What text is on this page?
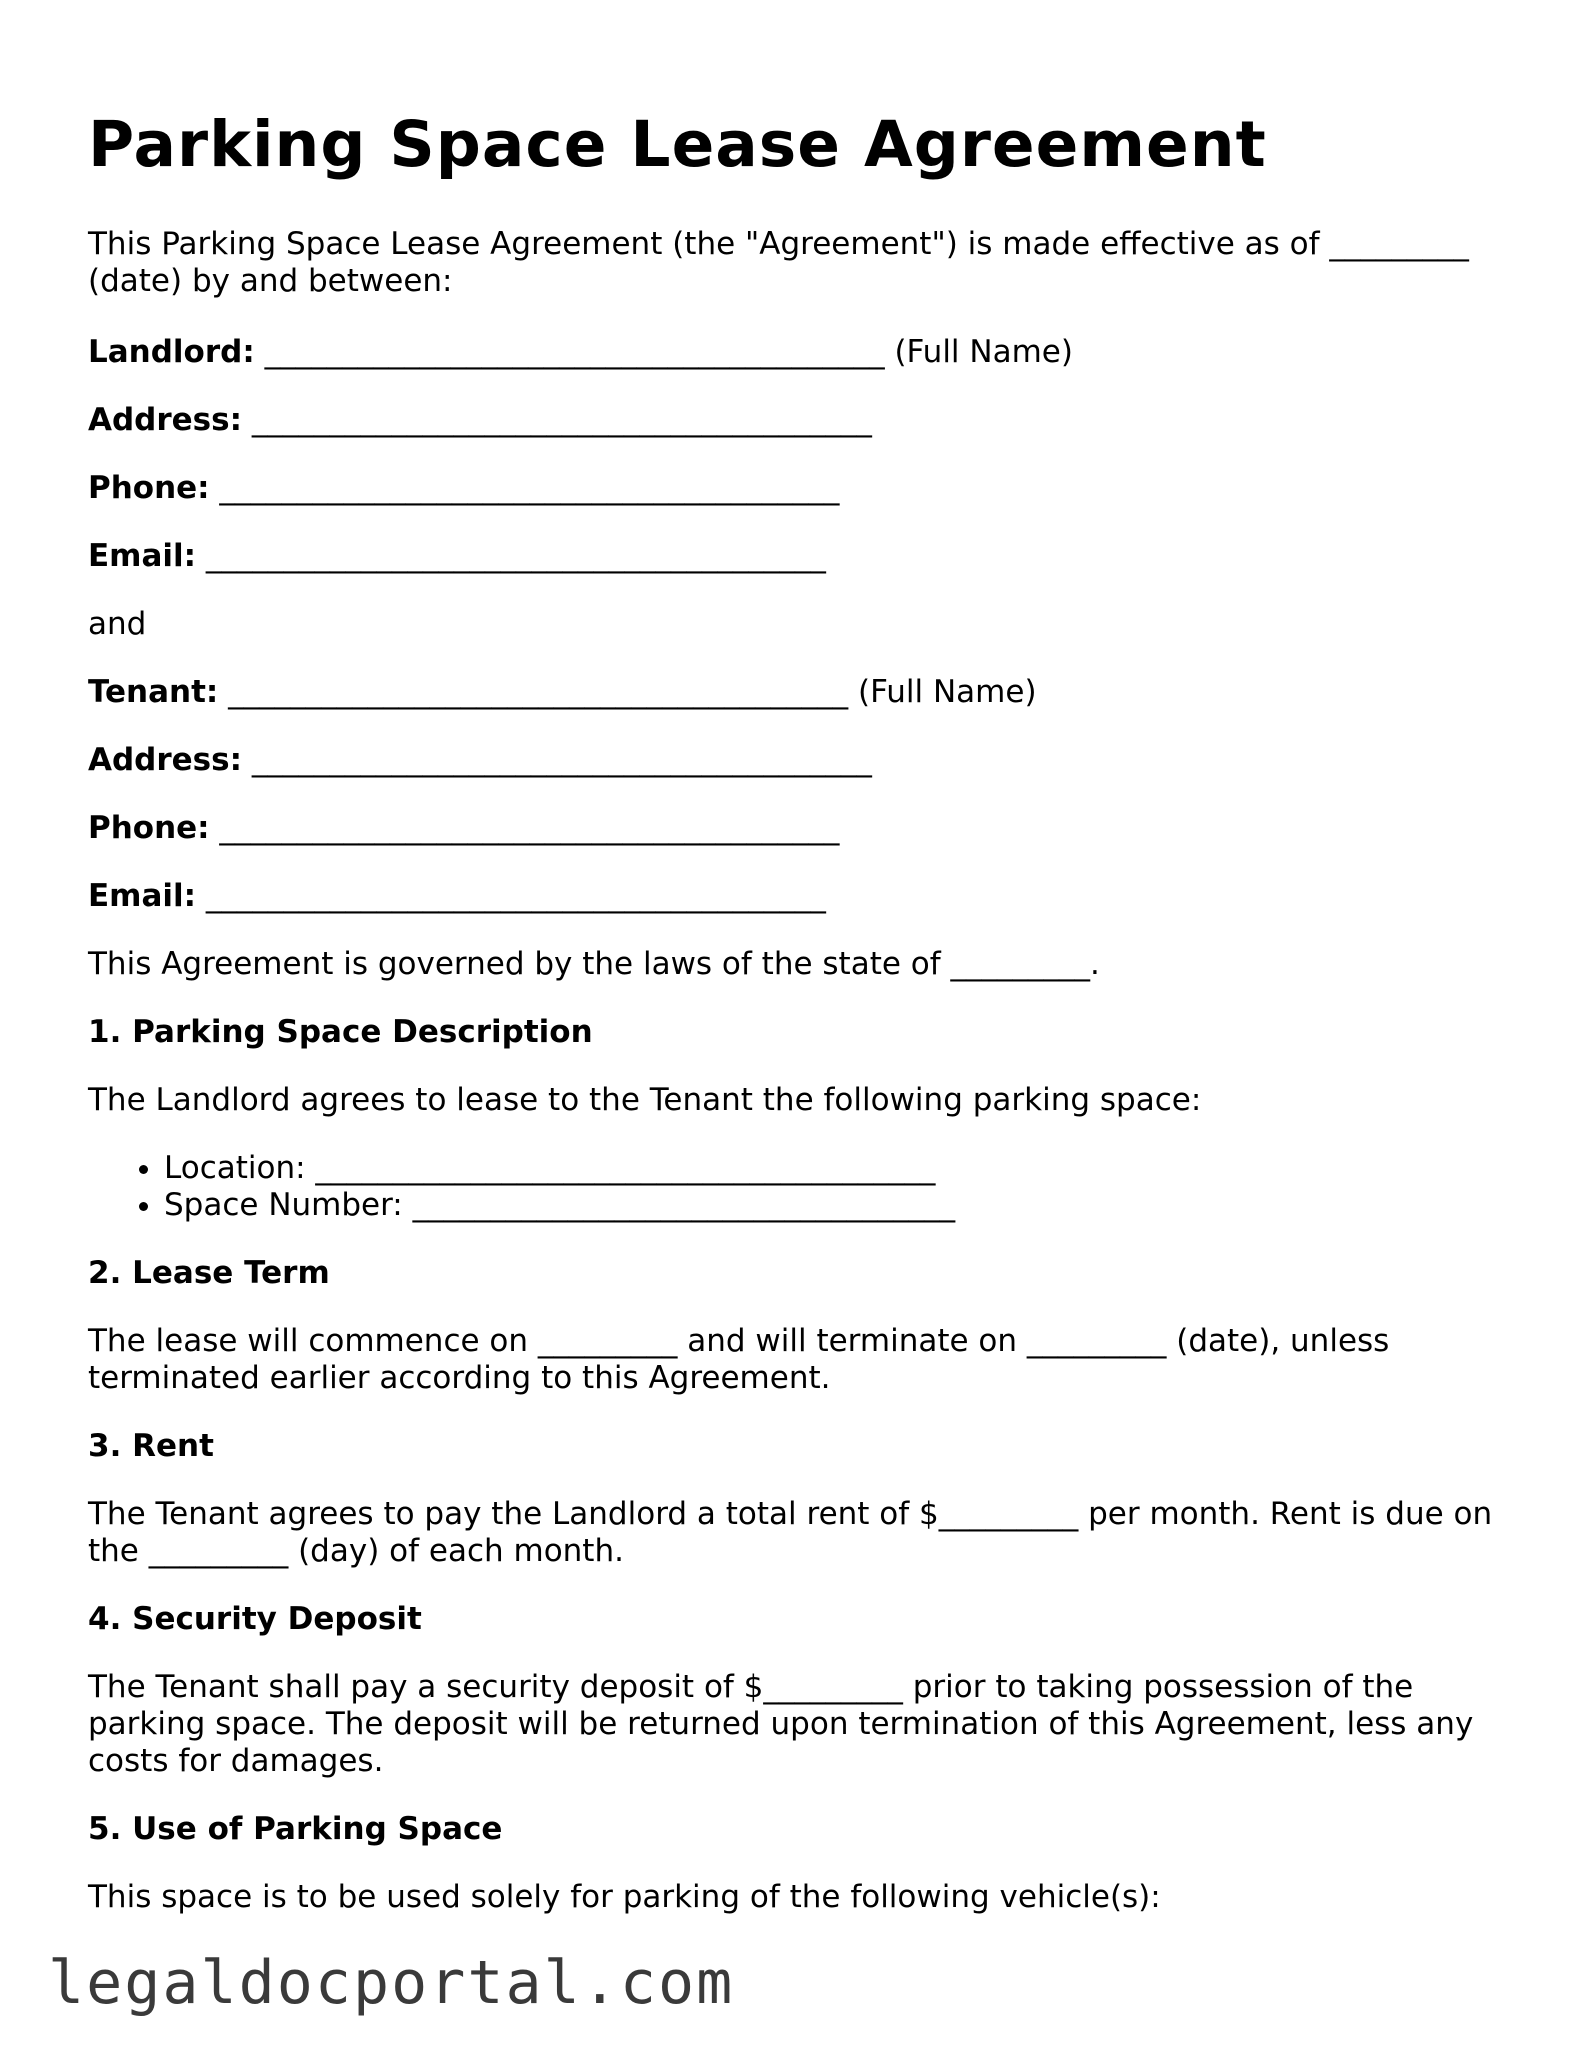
Parking Space Lease Agreement

This Parking Space Lease Agreement (the "Agreement") is made effective as of _________ (date) by and between:

Landlord: ________________________________________ (Full Name)
Address: ________________________________________
Phone: ________________________________________
Email: ________________________________________
and
Tenant: ________________________________________ (Full Name)
Address: ________________________________________
Phone: ________________________________________
Email: ________________________________________
This Agreement is governed by the laws of the state of _________.
1. Parking Space Description
The Landlord agrees to lease to the Tenant the following parking space:
• Location: ________________________________________
• Space Number: ___________________________________
2. Lease Term

The lease will commence on _________ and will terminate on _________ (date), unless terminated earlier according to this Agreement.

3. Rent

The Tenant agrees to pay the Landlord a total rent of $_________ per month. Rent is due on the _________ (day) of each month.

4. Security Deposit

The Tenant shall pay a security deposit of $_________ prior to taking possession of the parking space. The deposit will be returned upon termination of this Agreement, less any costs for damages.

5. Use of Parking Space
This space is to be used solely for parking of the following vehicle(s):
legaldocportal.com
